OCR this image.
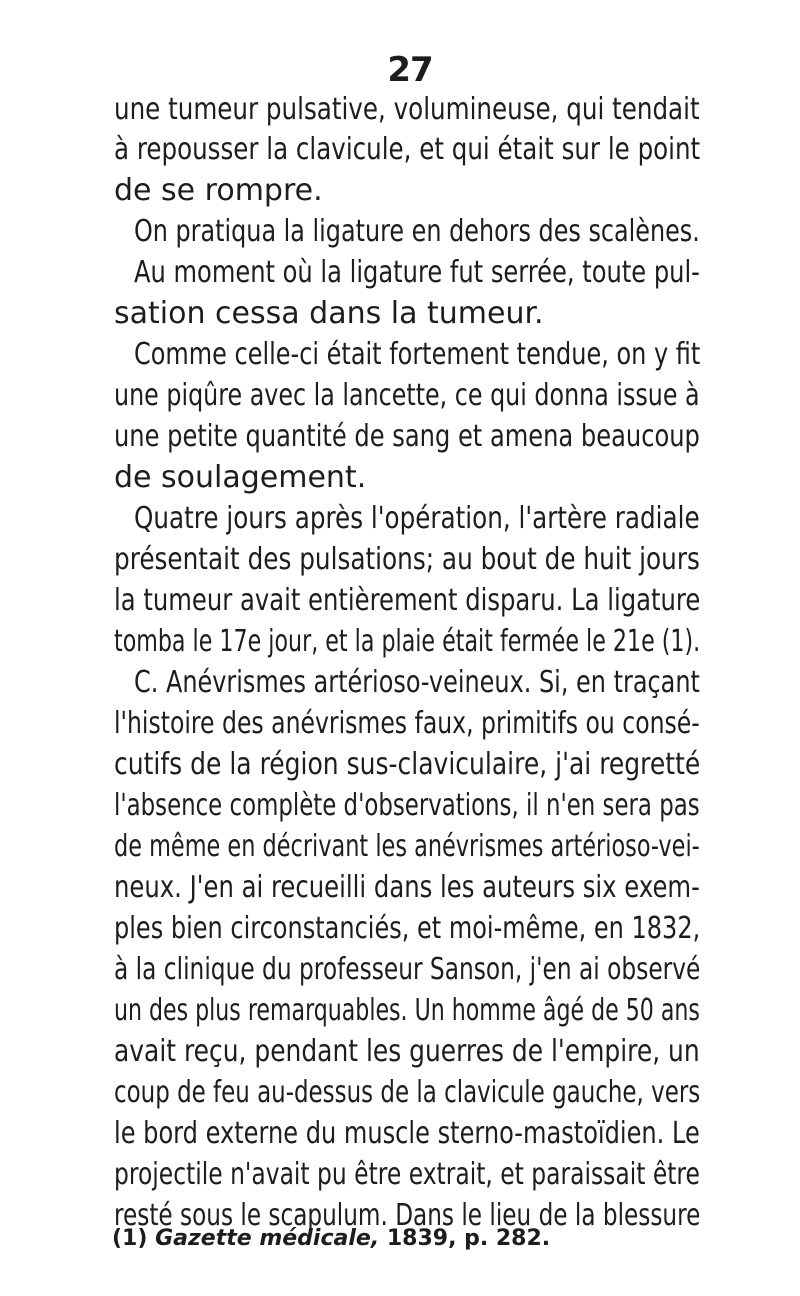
27
une tumeur pulsative, volumineuse, qui tendait
à repousser la clavicule, et qui était sur le point
de se rompre.
On pratiqua la ligature en dehors des scalènes.
Au moment où la ligature fut serrée, toute pul-
sation cessa dans la tumeur.
Comme celle-ci était fortement tendue, on y fit
une piqûre avec la lancette, ce qui donna issue à
une petite quantité de sang et amena beaucoup
de soulagement.
Quatre jours après l'opération, l'artère radiale
présentait des pulsations; au bout de huit jours
la tumeur avait entièrement disparu. La ligature
tomba le 17e jour, et la plaie était fermée le 21e (1).
C. Anévrismes artérioso-veineux. Si, en traçant
l'histoire des anévrismes faux, primitifs ou consé-
cutifs de la région sus-claviculaire, j'ai regretté
l'absence complète d'observations, il n'en sera pas
de même en décrivant les anévrismes artérioso-vei-
neux. J'en ai recueilli dans les auteurs six exem-
ples bien circonstanciés, et moi-même, en 1832,
à la clinique du professeur Sanson, j'en ai observé
un des plus remarquables. Un homme âgé de 50 ans
avait reçu, pendant les guerres de l'empire, un
coup de feu au-dessus de la clavicule gauche, vers
le bord externe du muscle sterno-mastoïdien. Le
projectile n'avait pu être extrait, et paraissait être
resté sous le scapulum. Dans le lieu de la blessure
(1) Gazette médicale, 1839, p. 282.
